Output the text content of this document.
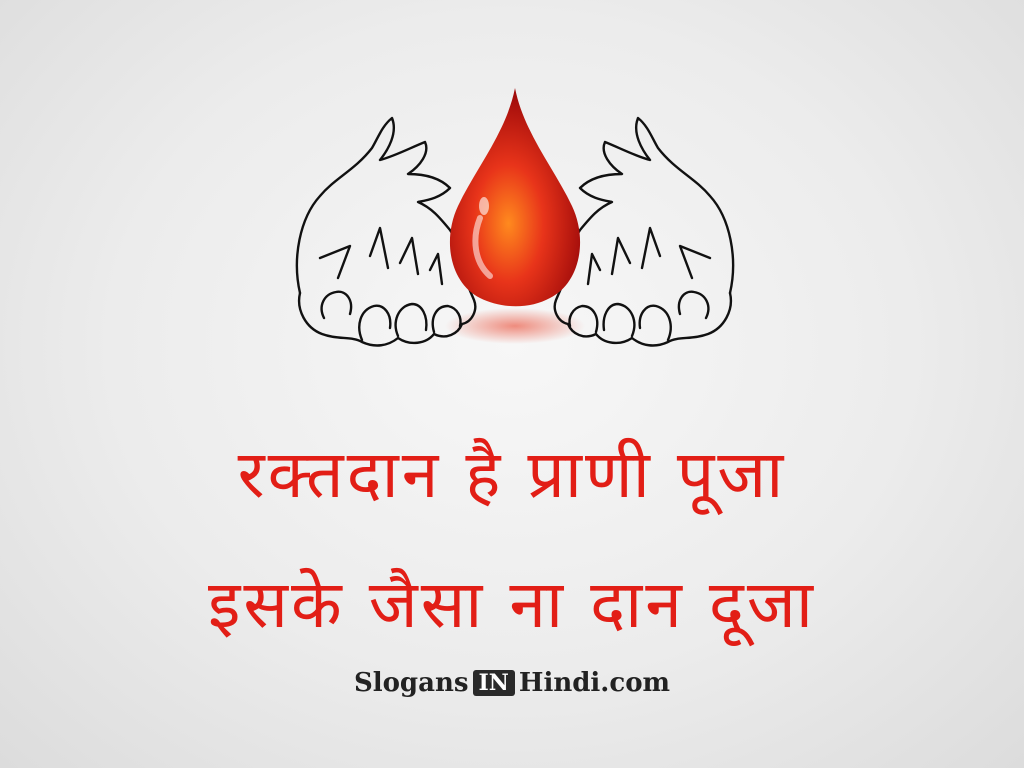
रक्तदान है प्राणी पूजा
इसके जैसा ना दान दूजा
Slogans IN Hindi.com
